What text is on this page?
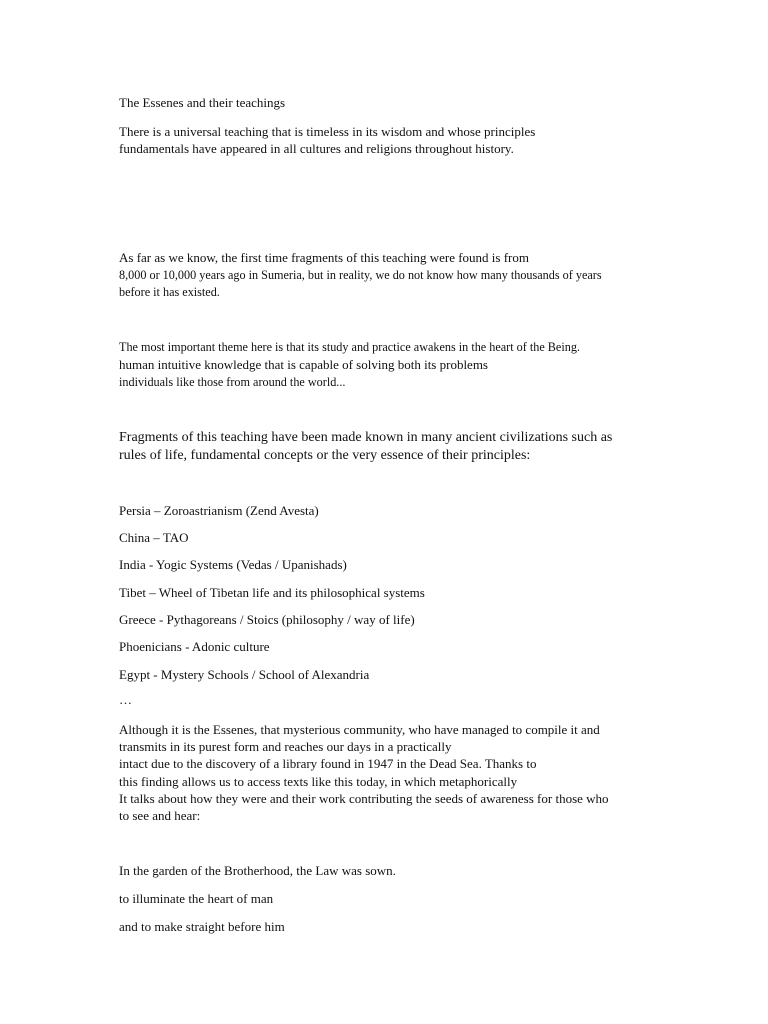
The Essenes and their teachings
There is a universal teaching that is timeless in its wisdom and whose principles
fundamentals have appeared in all cultures and religions throughout history.
As far as we know, the first time fragments of this teaching were found is from
8,000 or 10,000 years ago in Sumeria, but in reality, we do not know how many thousands of years
before it has existed.
The most important theme here is that its study and practice awakens in the heart of the Being.
human intuitive knowledge that is capable of solving both its problems
individuals like those from around the world...
Fragments of this teaching have been made known in many ancient civilizations such as
rules of life, fundamental concepts or the very essence of their principles:
Persia – Zoroastrianism (Zend Avesta)
China – TAO
India - Yogic Systems (Vedas / Upanishads)
Tibet – Wheel of Tibetan life and its philosophical systems
Greece - Pythagoreans / Stoics (philosophy / way of life)
Phoenicians - Adonic culture
Egypt - Mystery Schools / School of Alexandria
…
Although it is the Essenes, that mysterious community, who have managed to compile it and
transmits in its purest form and reaches our days in a practically
intact due to the discovery of a library found in 1947 in the Dead Sea. Thanks to
this finding allows us to access texts like this today, in which metaphorically
It talks about how they were and their work contributing the seeds of awareness for those who
to see and hear:
In the garden of the Brotherhood, the Law was sown.
to illuminate the heart of man
and to make straight before him
